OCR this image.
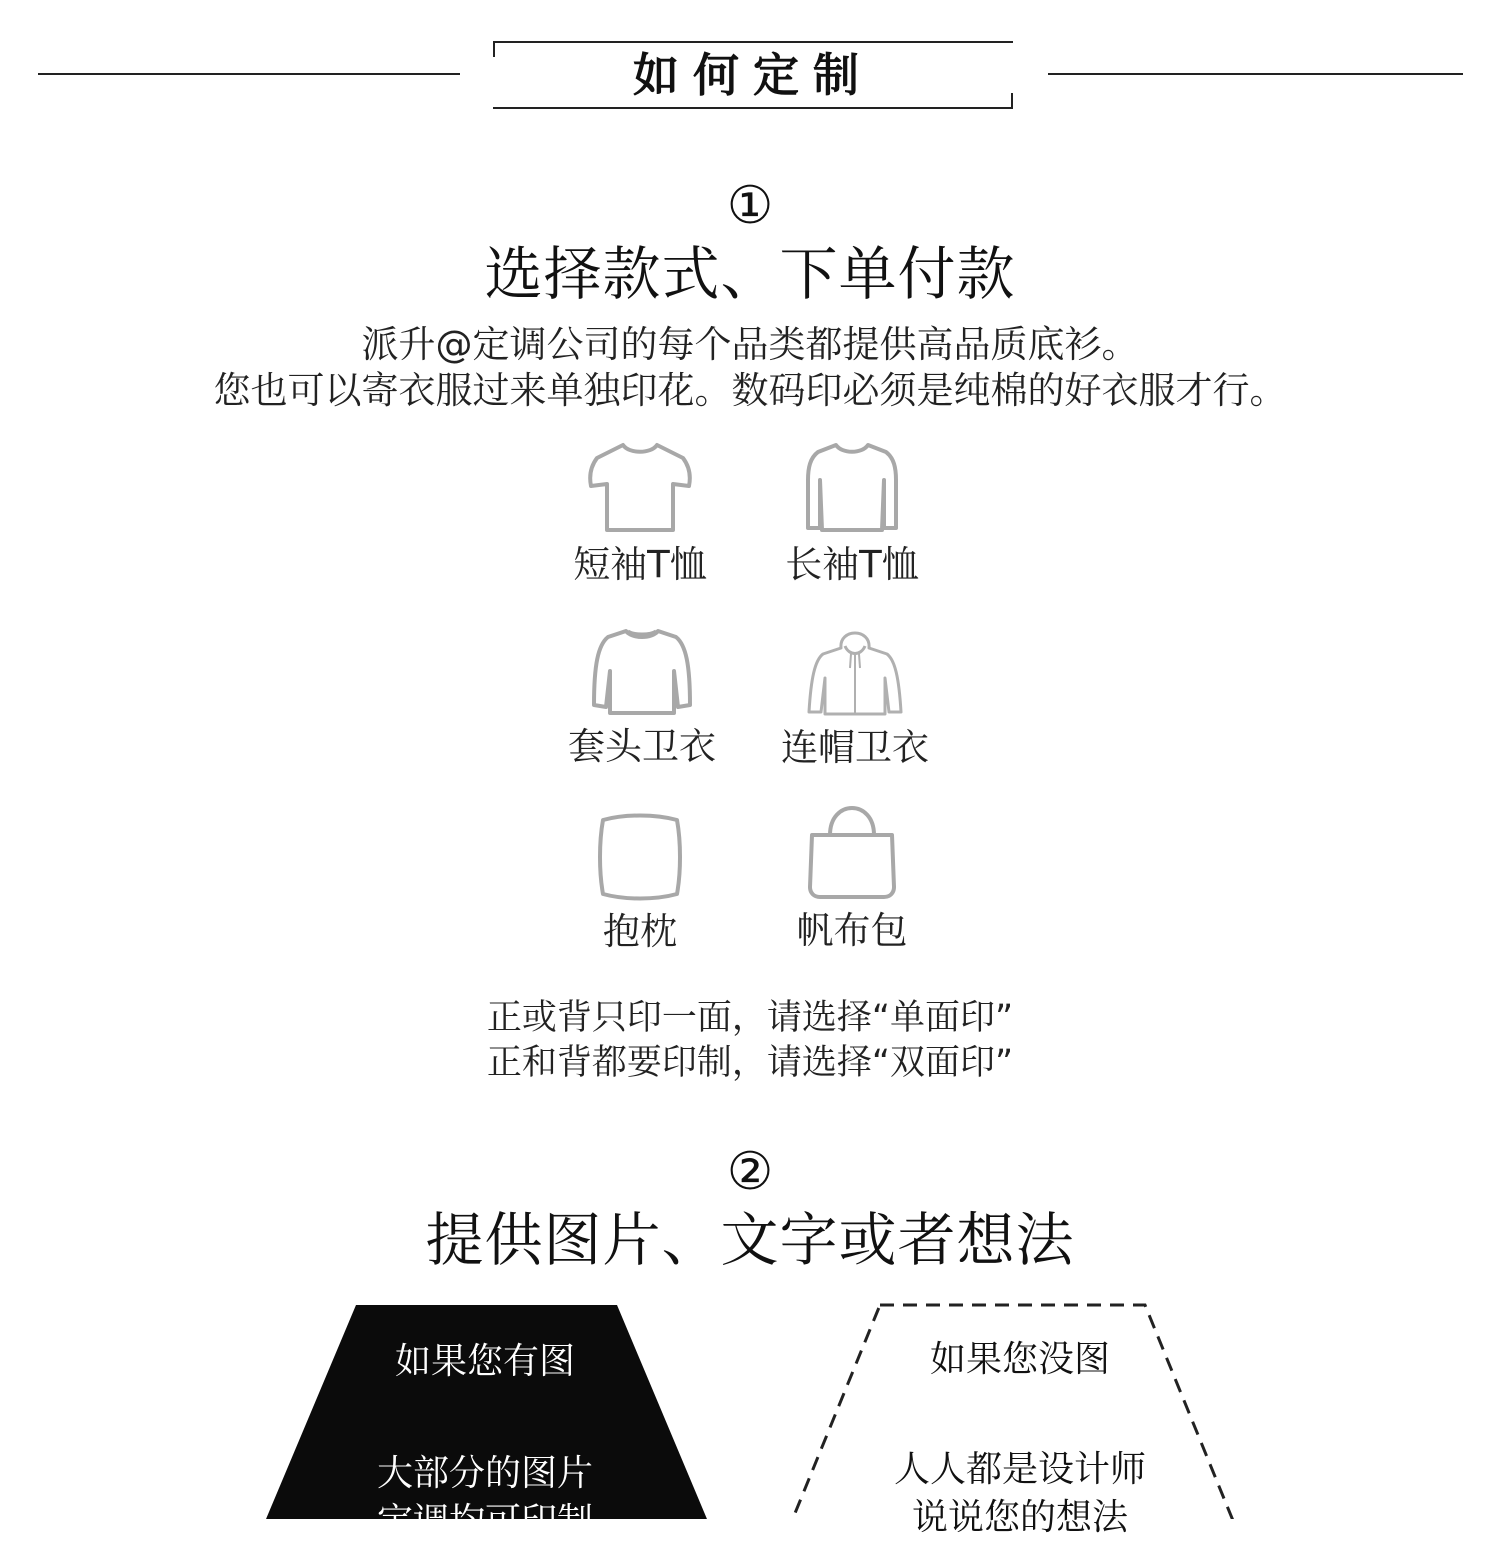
如何定制
①
选择款式、下单付款
派升@定调公司的每个品类都提供高品质底衫。
您也可以寄衣服过来单独印花。数码印必须是纯棉的好衣服才行。
短袖T恤	长袖T恤
套头卫衣	连帽卫衣
抱枕	帆布包
正或背只印一面，请选择“单面印”
正和背都要印制，请选择“双面印”
②
提供图片、文字或者想法
如果您有图
大部分的图片
定调均可印制
如果您没图
人人都是设计师
说说您的想法
